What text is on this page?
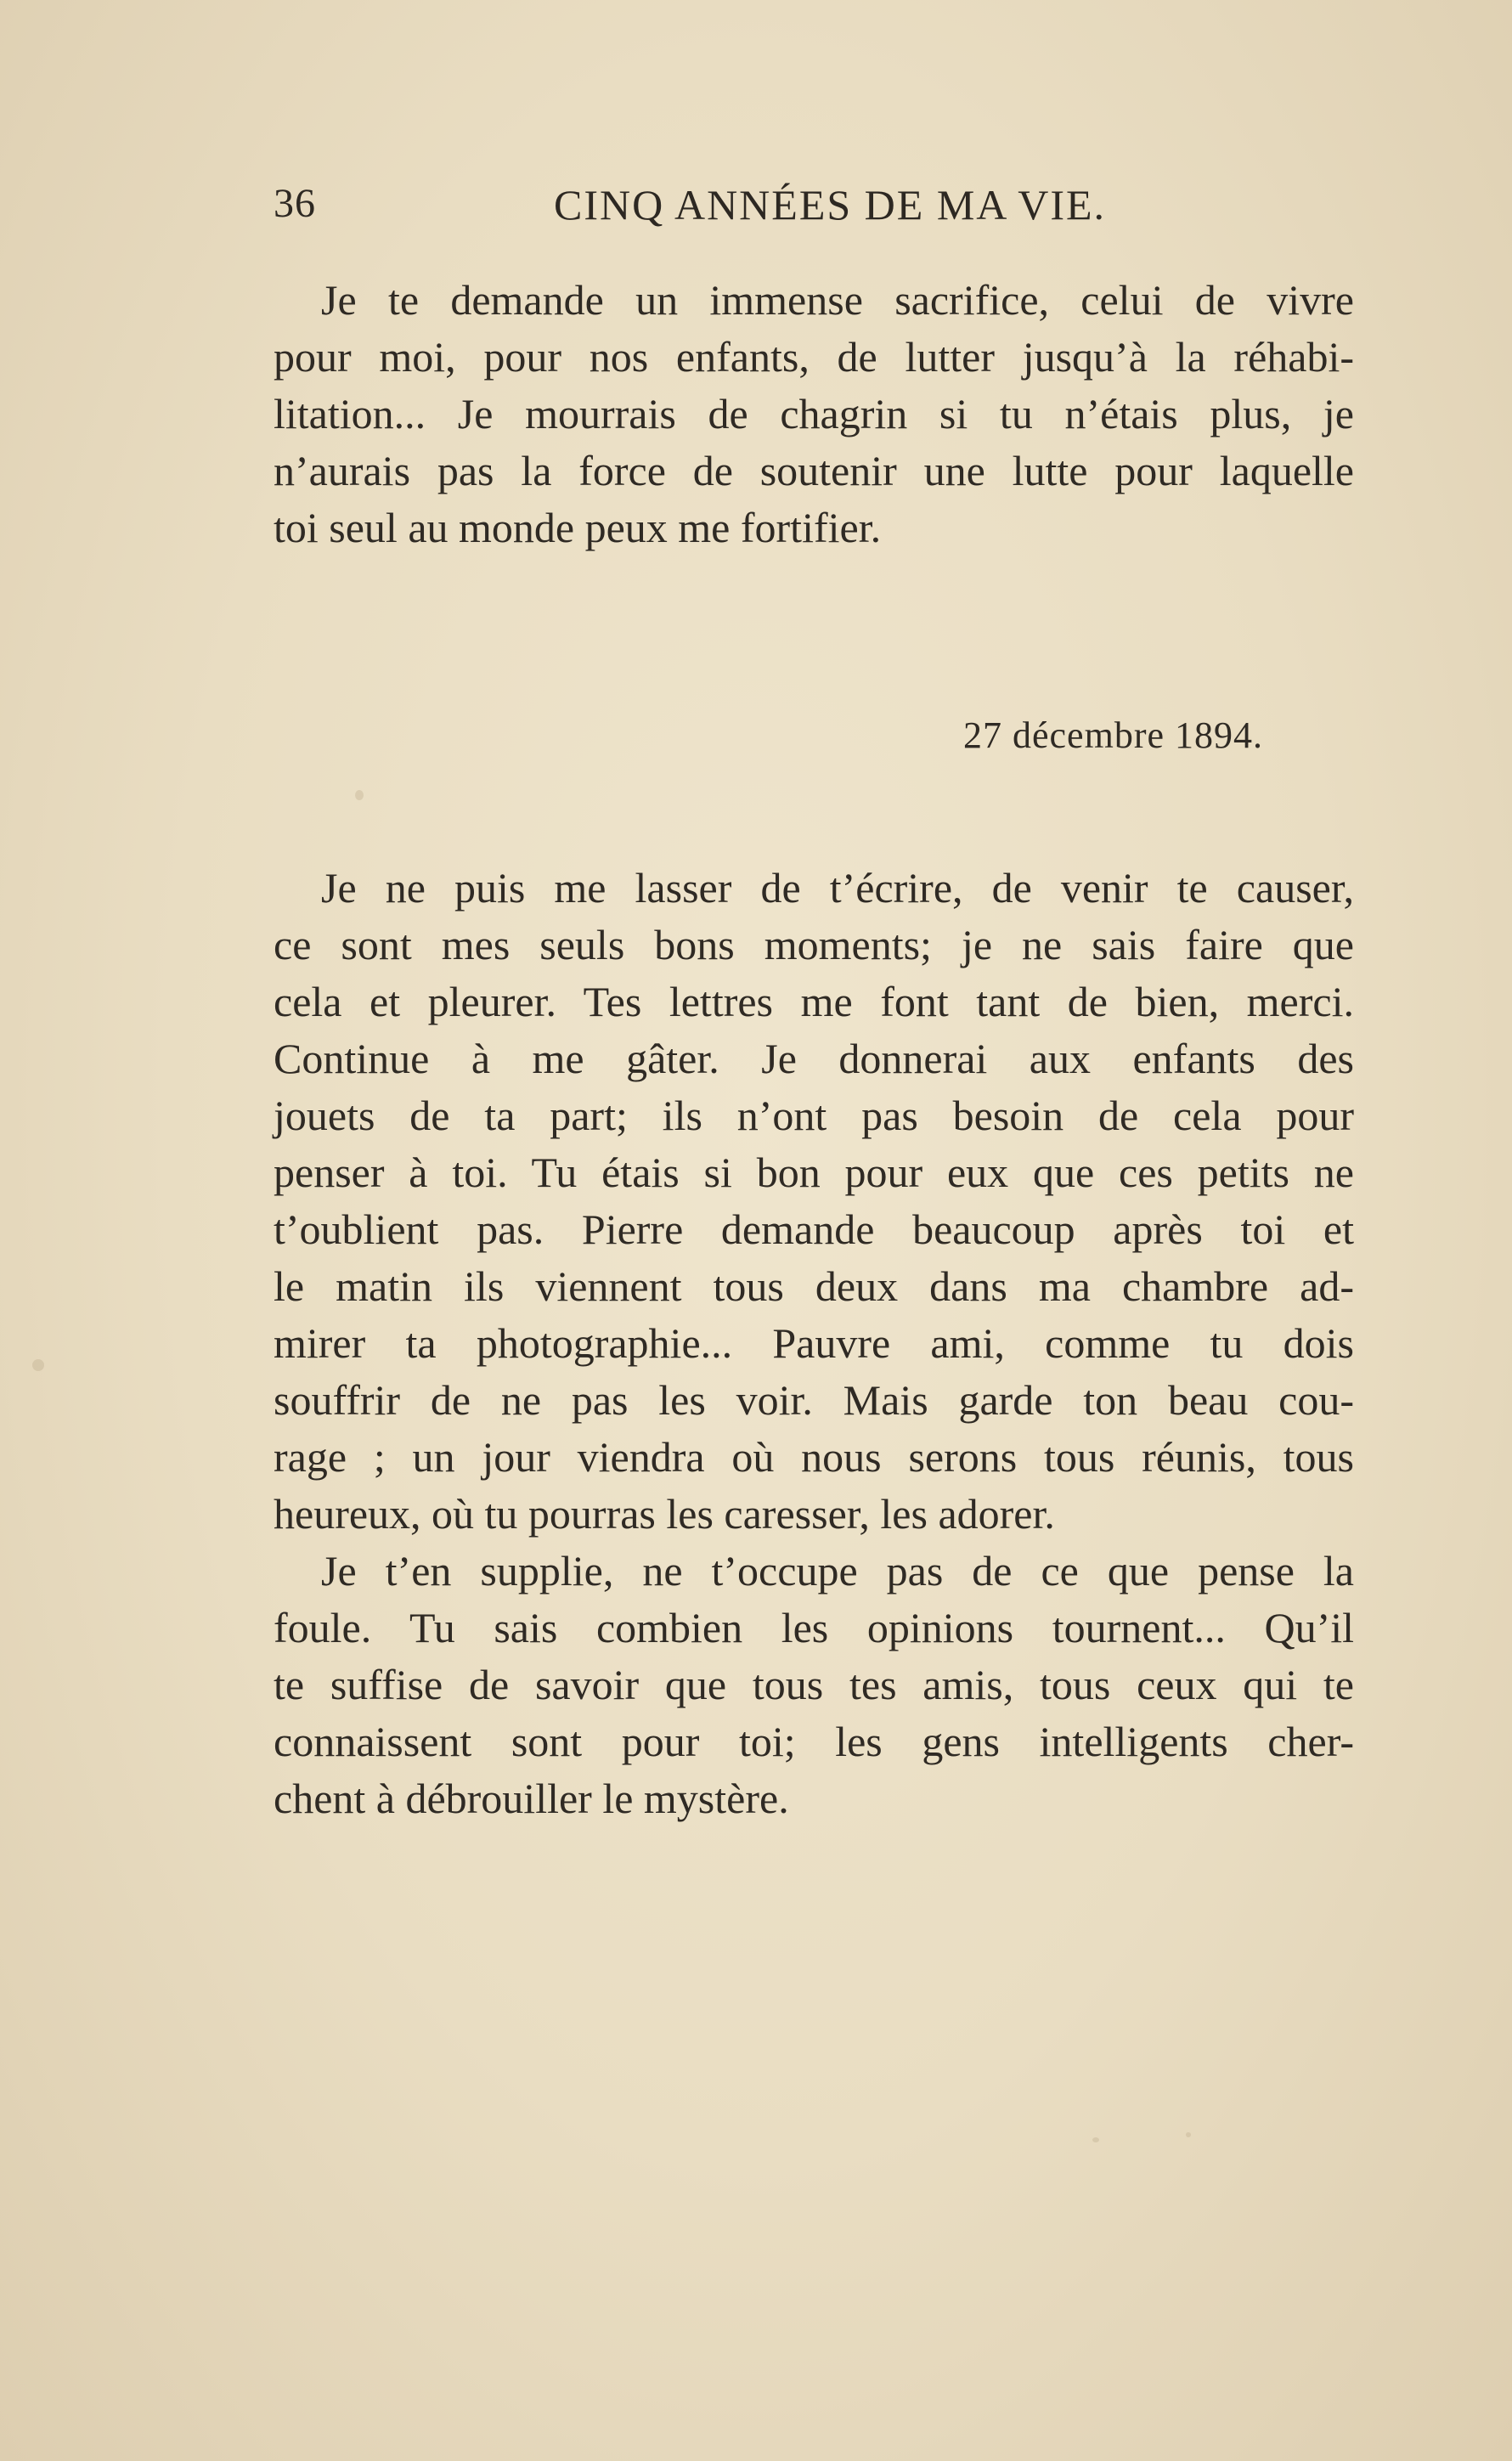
36	CINQ ANNÉES DE MA VIE.
Je te demande un immense sacrifice, celui de vivre
pour moi, pour nos enfants, de lutter jusqu’à la réhabi-
litation... Je mourrais de chagrin si tu n’étais plus, je
n’aurais pas la force de soutenir une lutte pour laquelle
toi seul au monde peux me fortifier.
27 décembre 1894.
Je ne puis me lasser de t’écrire, de venir te causer,
ce sont mes seuls bons moments; je ne sais faire que
cela et pleurer. Tes lettres me font tant de bien, merci.
Continue à me gâter. Je donnerai aux enfants des
jouets de ta part; ils n’ont pas besoin de cela pour
penser à toi. Tu étais si bon pour eux que ces petits ne
t’oublient pas. Pierre demande beaucoup après toi et
le matin ils viennent tous deux dans ma chambre ad-
mirer ta photographie... Pauvre ami, comme tu dois
souffrir de ne pas les voir. Mais garde ton beau cou-
rage ; un jour viendra où nous serons tous réunis, tous
heureux, où tu pourras les caresser, les adorer.
Je t’en supplie, ne t’occupe pas de ce que pense la
foule. Tu sais combien les opinions tournent... Qu’il
te suffise de savoir que tous tes amis, tous ceux qui te
connaissent sont pour toi; les gens intelligents cher-
chent à débrouiller le mystère.
